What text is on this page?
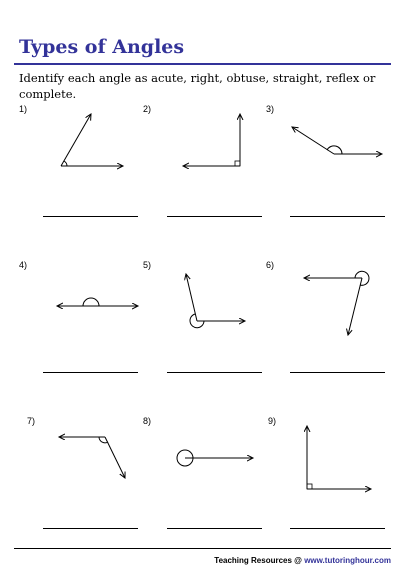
Types of Angles
Identify each angle as acute, right, obtuse, straight, reflex or complete.
1)	2)	3)
4)	5)	6)
7)	8)	9)
Teaching Resources @ www.tutoringhour.com
